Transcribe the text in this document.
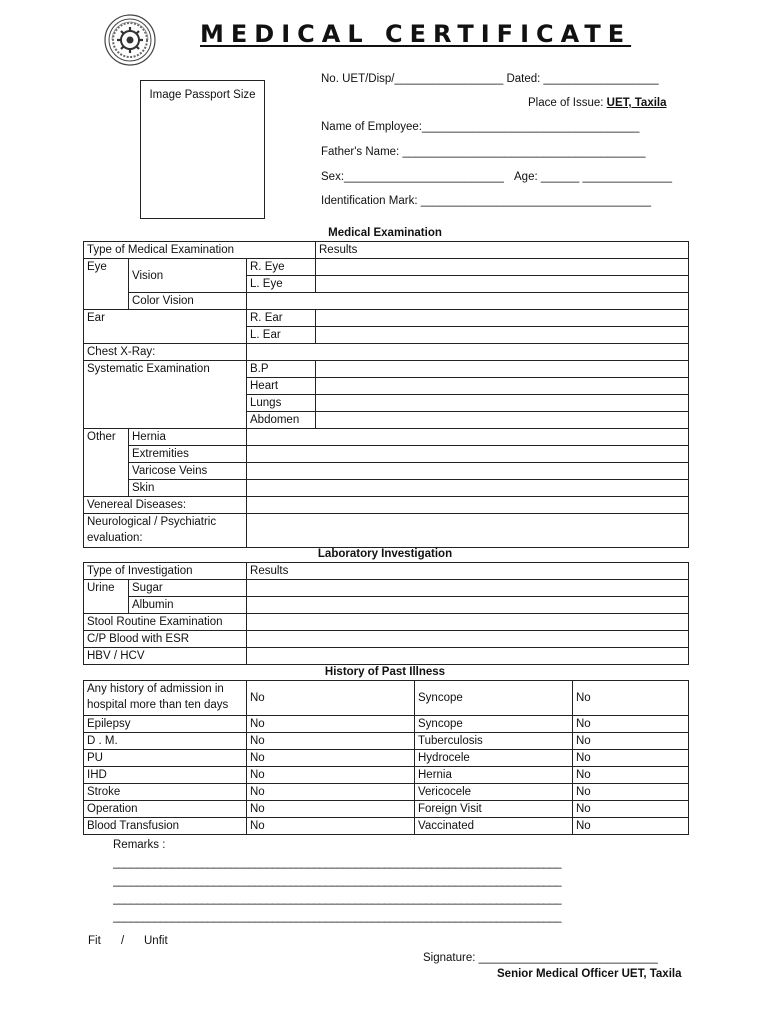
MEDICAL CERTIFICATE
Image Passport Size
No. UET/Disp/_________________ Dated: __________________
Place of Issue: UET, Taxila
Name of Employee:__________________________________
Father's Name: ______________________________________
Sex:_________________________ Age: ______ ______________
Identification Mark: ____________________________________
Medical Examination
Type of Medical Examination			Results
Eye	Vision	R. Eye	
		L. Eye	
	Color Vision		
Ear		R. Ear	
		L. Ear	
Chest X-Ray:			
Systematic Examination		B.P	
		Heart	
		Lungs	
		Abdomen	
Other	Hernia		
	Extremities		
	Varicose Veins		
	Skin		
Venereal Diseases:			
Neurological / Psychiatric evaluation:			
Laboratory Investigation
Type of Investigation		Results
Urine	Sugar	
	Albumin	
Stool Routine Examination		
C/P Blood with ESR		
HBV / HCV		
History of Past Illness
Any history of admission in hospital more than ten days	No	Syncope	No
Epilepsy	No	Syncope	No
D . M.	No	Tuberculosis	No
PU	No	Hydrocele	No
IHD	No	Hernia	No
Stroke	No	Vericocele	No
Operation	No	Foreign Visit	No
Blood Transfusion	No	Vaccinated	No
Remarks :
____________________________________________________________________________
____________________________________________________________________________
____________________________________________________________________________
____________________________________________________________________________
Fit / Unfit
Signature: ____________________________
Senior Medical Officer UET, Taxila
